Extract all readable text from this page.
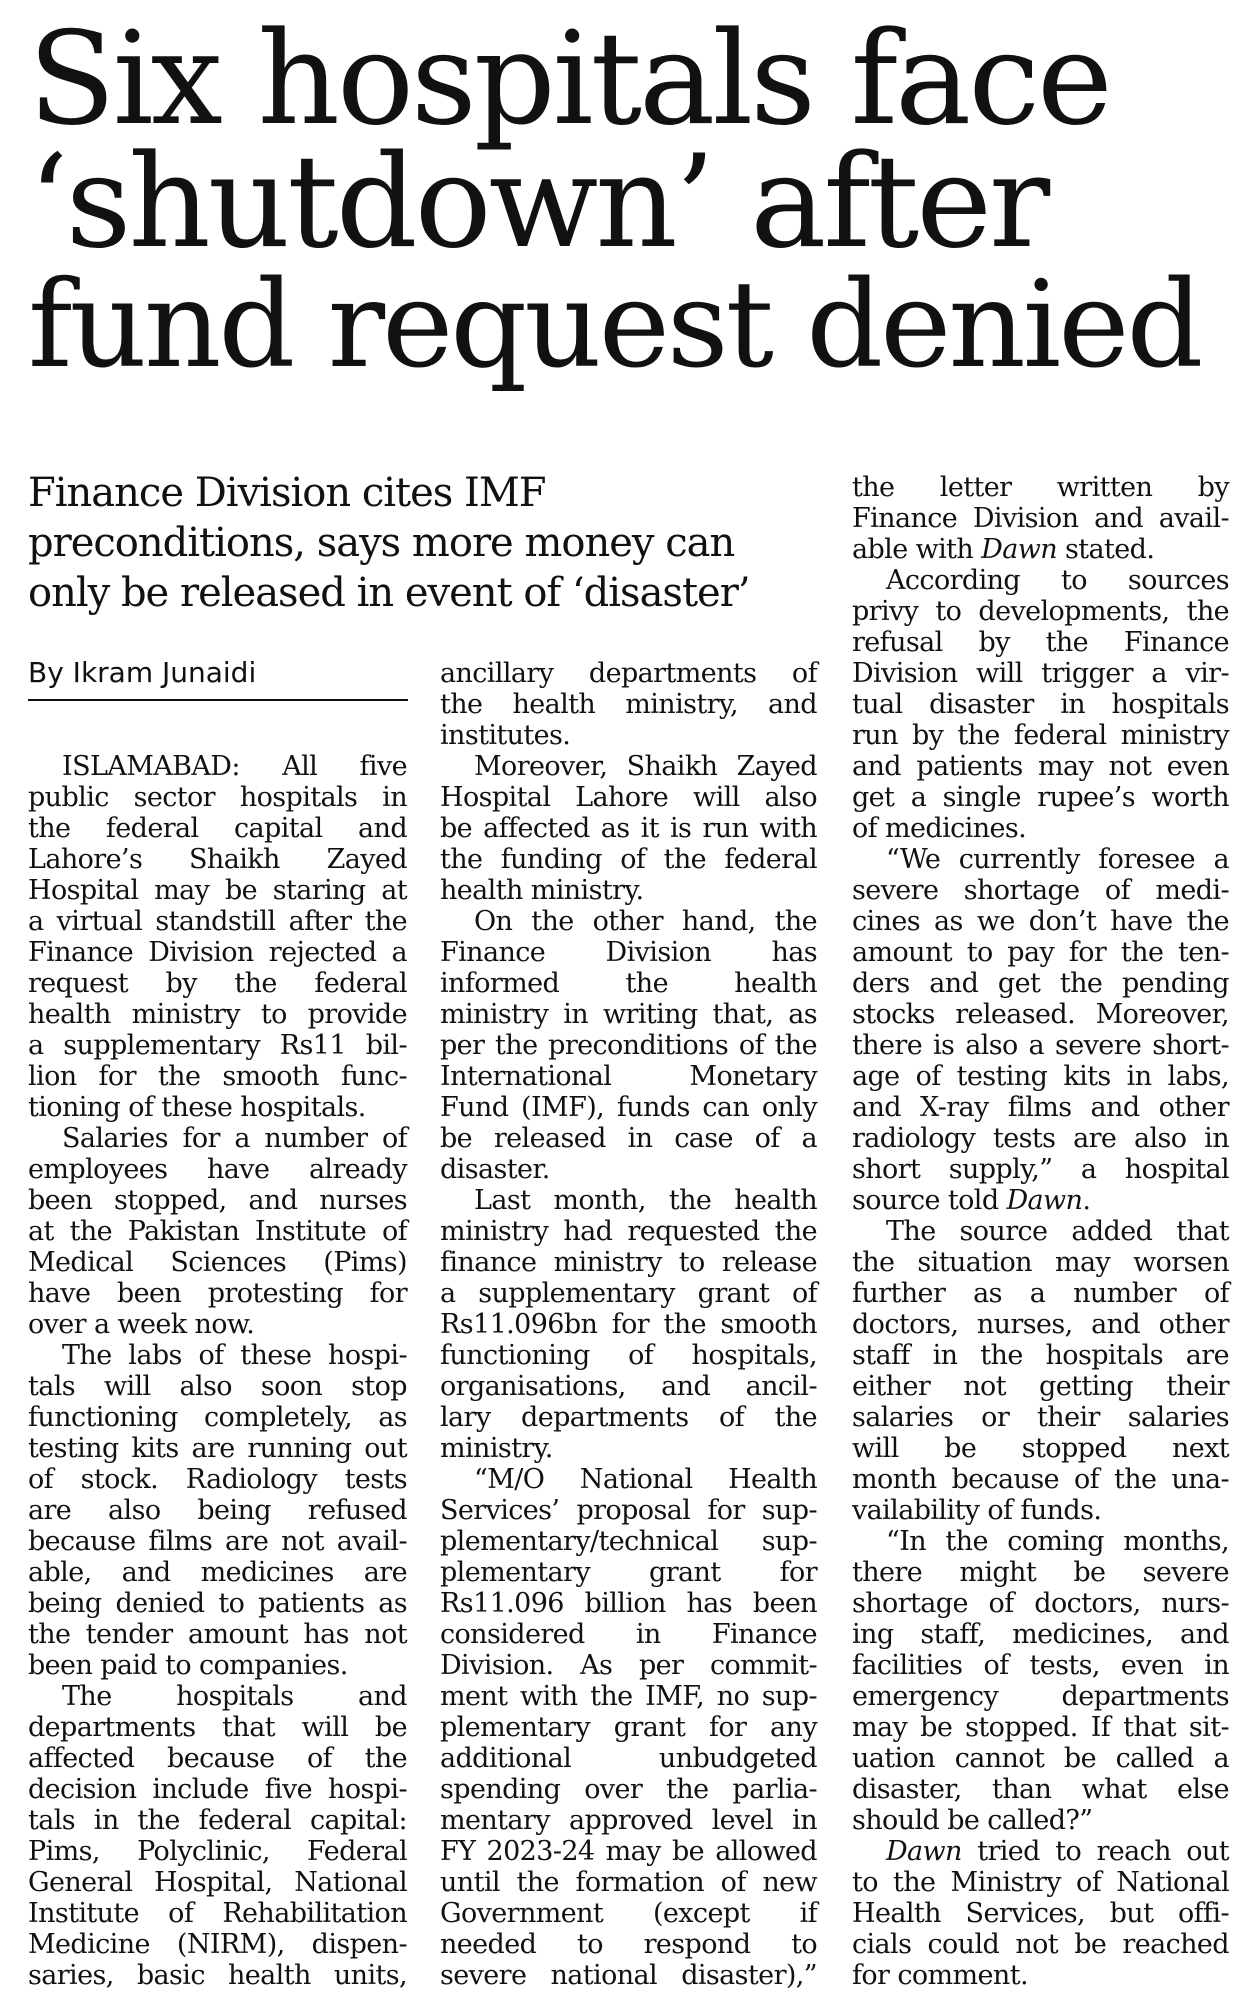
Six hospitals face
‘shutdown’ after
fund request denied
Finance Division cites IMF
preconditions, says more money can
only be released in event of ‘disaster’
By Ikram Junaidi
ISLAMABAD: All five
public sector hospitals in
the federal capital and
Lahore’s Shaikh Zayed
Hospital may be staring at
a virtual standstill after the
Finance Division rejected a
request by the federal
health ministry to provide
a supplementary Rs11 bil-
lion for the smooth func-
tioning of these hospitals.
Salaries for a number of
employees have already
been stopped, and nurses
at the Pakistan Institute of
Medical Sciences (Pims)
have been protesting for
over a week now.
The labs of these hospi-
tals will also soon stop
functioning completely, as
testing kits are running out
of stock. Radiology tests
are also being refused
because films are not avail-
able, and medicines are
being denied to patients as
the tender amount has not
been paid to companies.
The hospitals and
departments that will be
affected because of the
decision include five hospi-
tals in the federal capital:
Pims, Polyclinic, Federal
General Hospital, National
Institute of Rehabilitation
Medicine (NIRM), dispen-
saries, basic health units,
ancillary departments of
the health ministry, and
institutes.
Moreover, Shaikh Zayed
Hospital Lahore will also
be affected as it is run with
the funding of the federal
health ministry.
On the other hand, the
Finance Division has
informed the health
ministry in writing that, as
per the preconditions of the
International Monetary
Fund (IMF), funds can only
be released in case of a
disaster.
Last month, the health
ministry had requested the
finance ministry to release
a supplementary grant of
Rs11.096bn for the smooth
functioning of hospitals,
organisations, and ancil-
lary departments of the
ministry.
“M/O National Health
Services’ proposal for sup-
plementary/technical sup-
plementary grant for
Rs11.096 billion has been
considered in Finance
Division. As per commit-
ment with the IMF, no sup-
plementary grant for any
additional unbudgeted
spending over the parlia-
mentary approved level in
FY 2023-24 may be allowed
until the formation of new
Government (except if
needed to respond to
severe national disaster),”
the letter written by
Finance Division and avail-
able with Dawn stated.
According to sources
privy to developments, the
refusal by the Finance
Division will trigger a vir-
tual disaster in hospitals
run by the federal ministry
and patients may not even
get a single rupee’s worth
of medicines.
“We currently foresee a
severe shortage of medi-
cines as we don’t have the
amount to pay for the ten-
ders and get the pending
stocks released. Moreover,
there is also a severe short-
age of testing kits in labs,
and X-ray films and other
radiology tests are also in
short supply,” a hospital
source told Dawn.
The source added that
the situation may worsen
further as a number of
doctors, nurses, and other
staff in the hospitals are
either not getting their
salaries or their salaries
will be stopped next
month because of the una-
vailability of funds.
“In the coming months,
there might be severe
shortage of doctors, nurs-
ing staff, medicines, and
facilities of tests, even in
emergency departments
may be stopped. If that sit-
uation cannot be called a
disaster, than what else
should be called?”
Dawn tried to reach out
to the Ministry of National
Health Services, but offi-
cials could not be reached
for comment.
